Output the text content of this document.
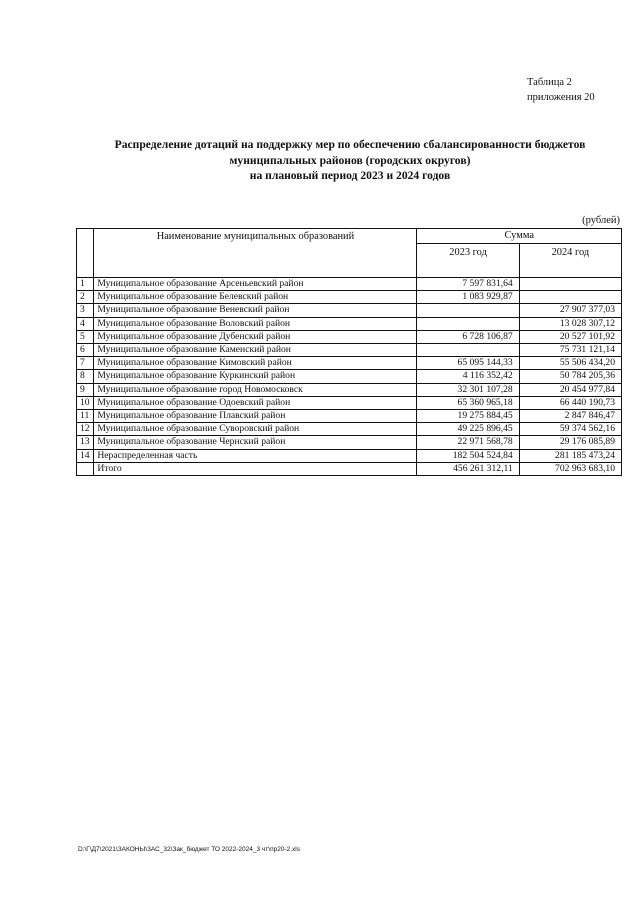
Таблица 2
приложения 20
Распределение дотаций на поддержку мер по обеспечению сбалансированности бюджетов
муниципальных районов (городских округов)
на плановый период 2023 и 2024 годов
(рублей)
	Наименование муниципальных образований	Сумма	
		2023 год	2024 год
1	Муниципальное образование Арсеньевский район	7 597 831,64	
2	Муниципальное образование Белевский район	1 083 929,87	
3	Муниципальное образование Веневский район		27 907 377,03
4	Муниципальное образование Воловский район		13 028 307,12
5	Муниципальное образование Дубенский район	6 728 106,87	20 527 101,92
6	Муниципальное образование Каменский район		75 731 121,14
7	Муниципальное образование Кимовский район	65 095 144,33	55 506 434,20
8	Муниципальное образование Куркинский район	4 116 352,42	50 784 205,36
9	Муниципальное образование город Новомосковск	32 301 107,28	20 454 977,84
10	Муниципальное образование Одоевский район	65 360 965,18	66 440 190,73
11	Муниципальное образование Плавский район	19 275 884,45	2 847 846,47
12	Муниципальное образование Суворовский район	49 225 896,45	59 374 562,16
13	Муниципальное образование Чернский район	22 971 568,78	29 176 085,89
14	Нераспределенная часть	182 504 524,84	281 185 473,24
	Итого	456 261 312,11	702 963 683,10
D:\Г\Д7\2021\ЗАКОНЫ\ЗАС_32\Зак_бюджет ТО 2022-2024_3 чт\пр20-2.xls
